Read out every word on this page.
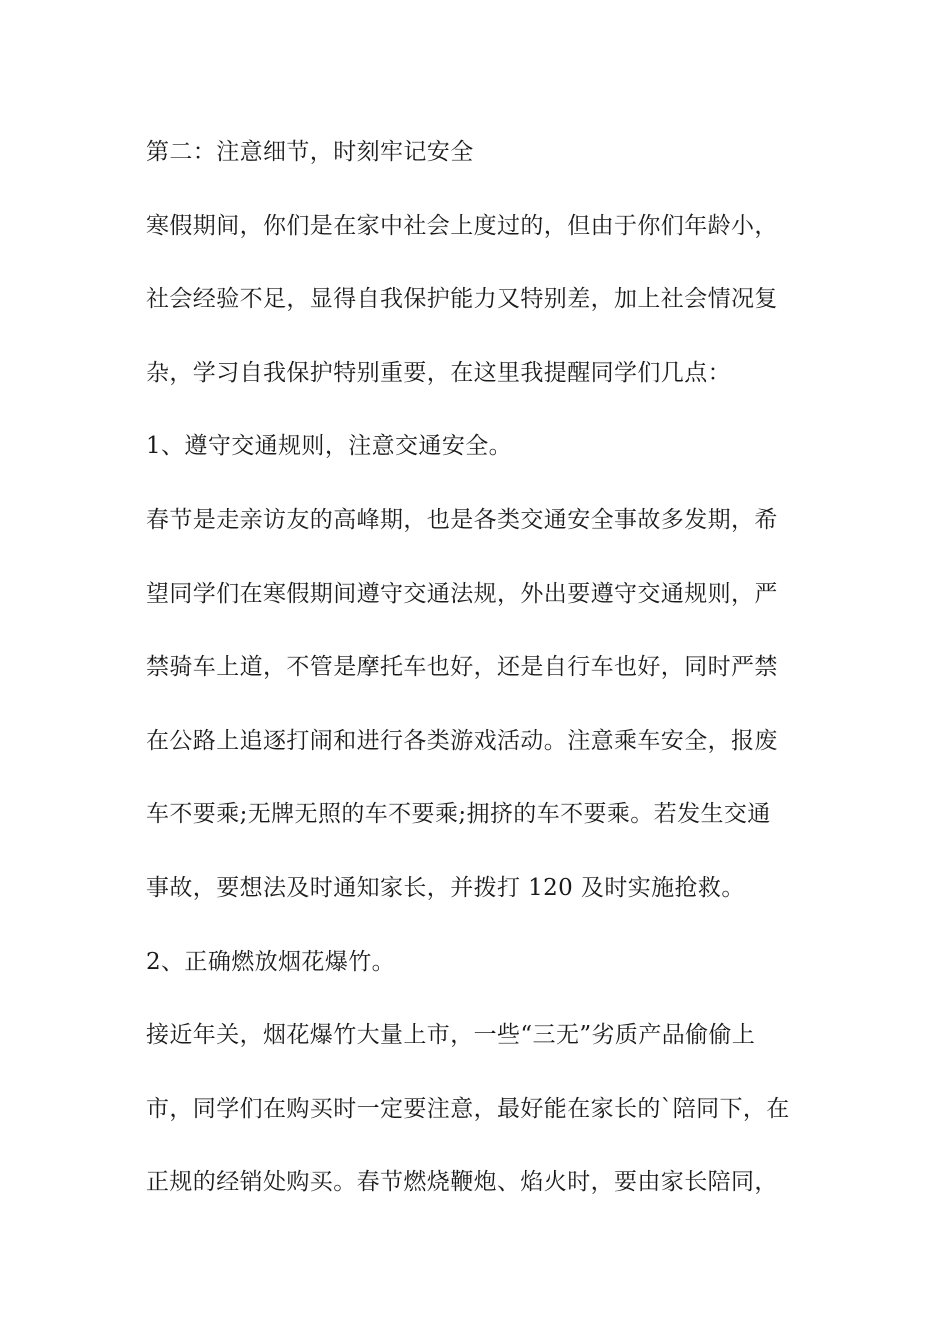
第二：注意细节，时刻牢记安全
寒假期间，你们是在家中社会上度过的，但由于你们年龄小，
社会经验不足，显得自我保护能力又特别差，加上社会情况复
杂，学习自我保护特别重要，在这里我提醒同学们几点：
1、遵守交通规则，注意交通安全。
春节是走亲访友的高峰期，也是各类交通安全事故多发期，希
望同学们在寒假期间遵守交通法规，外出要遵守交通规则，严
禁骑车上道，不管是摩托车也好，还是自行车也好，同时严禁
在公路上追逐打闹和进行各类游戏活动。注意乘车安全，报废
车不要乘;无牌无照的车不要乘;拥挤的车不要乘。若发生交通
事故，要想法及时通知家长，并拨打 120 及时实施抢救。
2、正确燃放烟花爆竹。
接近年关，烟花爆竹大量上市，一些“三无”劣质产品偷偷上
市，同学们在购买时一定要注意，最好能在家长的`陪同下，在
正规的经销处购买。春节燃烧鞭炮、焰火时，要由家长陪同，
